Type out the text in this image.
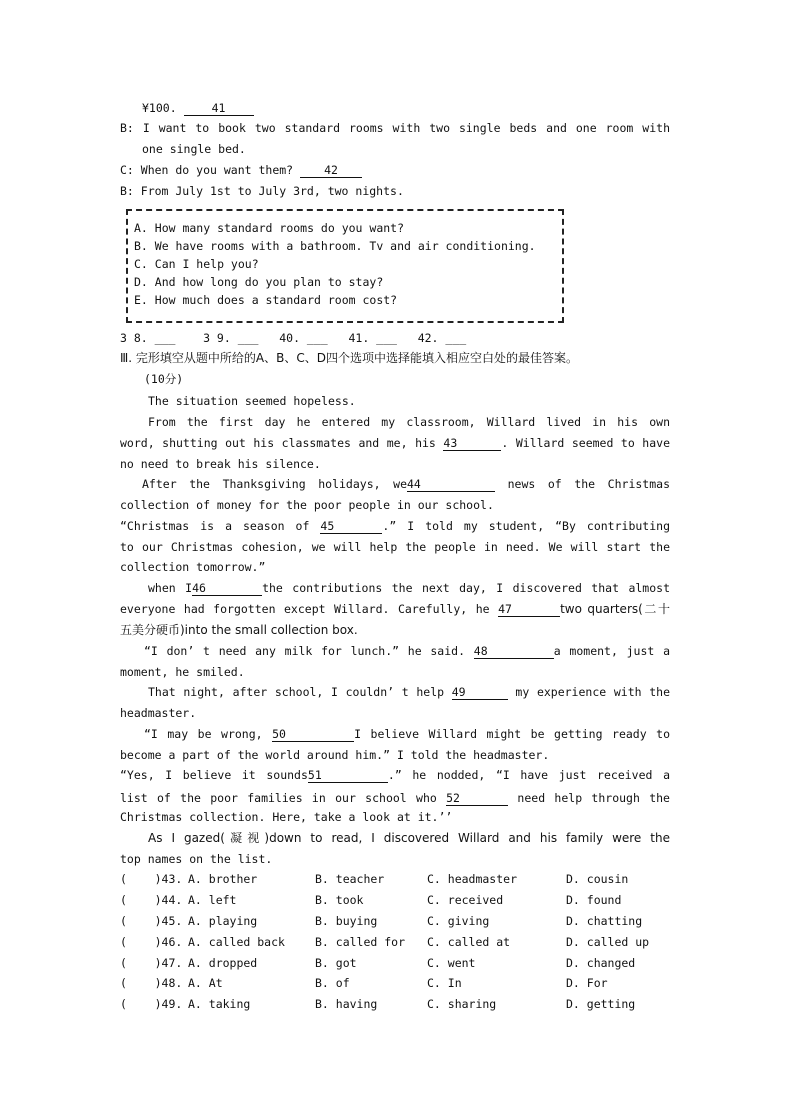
¥100.	41
B: I want to book two standard rooms with two single beds and one room with
one single bed.
C: When do you want them?	42
B: From July 1st to July 3rd, two nights.
A. How many standard rooms do you want?
B. We have rooms with a bathroom. Tv and air conditioning.
C. Can I help you?
D. And how long do you plan to stay?
E. How much does a standard room cost?
3 8. ___    3 9. ___   40. ___   41. ___   42. ___
Ⅲ. 完形填空从题中所给的A、B、C、D四个选项中选择能填入相应空白处的最佳答案。
(10分)
The situation seemed hopeless.
From the first day he entered my classroom, Willard lived in his own
word, shutting out his classmates and me, his 43	. Willard seemed to have
no need to break his silence.
After the Thanksgiving holidays, we44	news of the Christmas
collection of money for the poor people in our school.
“Christmas is a season of 45	.” I told my student, “By contributing
to our Christmas cohesion, we will help the people in need. We will start the
collection tomorrow.”
when I46	the contributions the next day, I discovered that almost
everyone had forgotten except Willard. Carefully, he 47	two quarters(二十
五美分硬币)into the small collection box.
“I don’ t need any milk for lunch.” he said. 48	a moment, just a
moment, he smiled.
That night, after school, I couldn’ t help 49	my experience with the
headmaster.
“I may be wrong, 50	I believe Willard might be getting ready to
become a part of the world around him.” I told the headmaster.
“Yes, I believe it sounds51	.” he nodded, “I have just received a
list of the poor families in our school who 52	need help through the
Christmas collection. Here, take a look at it.’’
As I gazed(凝视)down to read, I discovered Willard and his family were the
top names on the list.
(    )43. A. brother	B. teacher	C. headmaster	D. cousin
(    )44. A. left	B. took	C. received	D. found
(    )45. A. playing	B. buying	C. giving	D. chatting
(    )46. A. called back	B. called for C. called at	D. called up
(    )47. A. dropped	B. got	C. went	D. changed
(    )48. A. At	B. of	C. In	D. For
(    )49. A. taking	B. having	C. sharing	D. getting
